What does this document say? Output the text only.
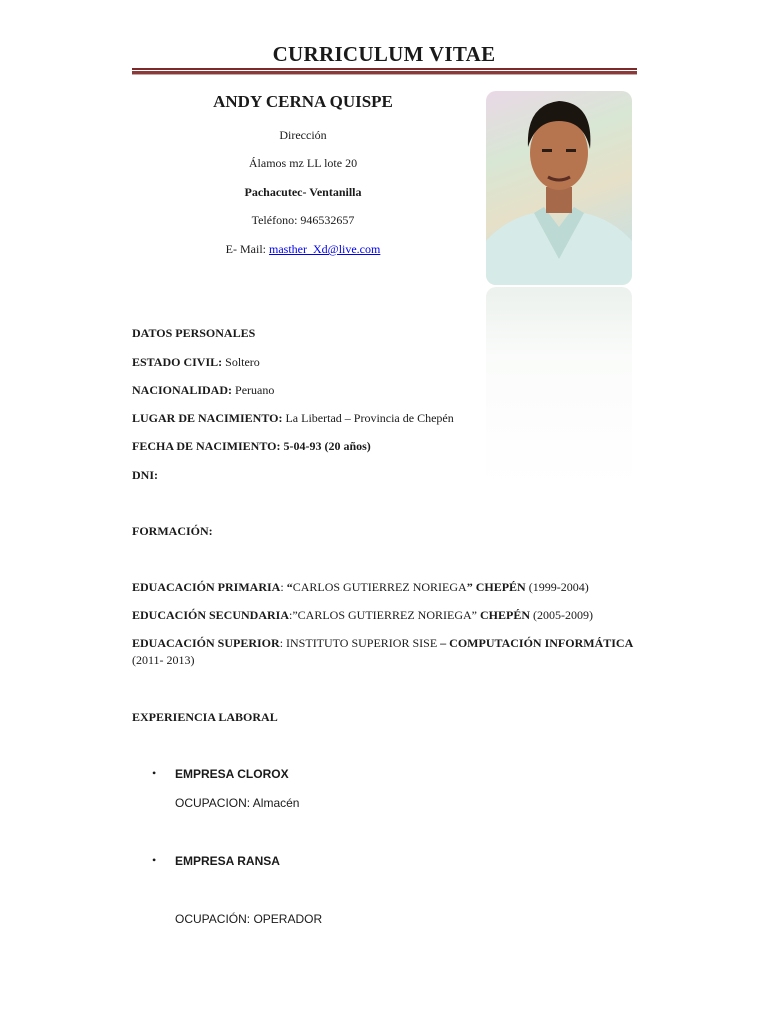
CURRICULUM VITAE
ANDY CERNA QUISPE
Dirección
Álamos mz LL lote 20
Pachacutec- Ventanilla
Teléfono: 946532657
E- Mail: masther_Xd@live.com
DATOS PERSONALES
ESTADO CIVIL: Soltero
NACIONALIDAD: Peruano
LUGAR DE NACIMIENTO: La Libertad – Provincia de Chepén
FECHA DE NACIMIENTO: 5-04-93 (20 años)
DNI:
FORMACIÓN:
EDUACACIÓN PRIMARIA: “CARLOS GUTIERREZ NORIEGA” CHEPÉN (1999-2004)
EDUCACIÓN SECUNDARIA:”CARLOS GUTIERREZ NORIEGA” CHEPÉN (2005-2009)
EDUACACIÓN SUPERIOR: INSTITUTO SUPERIOR SISE – COMPUTACIÓN INFORMÁTICA
(2011- 2013)
EXPERIENCIA LABORAL
• EMPRESA CLOROX
OCUPACION: Almacén
• EMPRESA RANSA
OCUPACIÓN: OPERADOR
